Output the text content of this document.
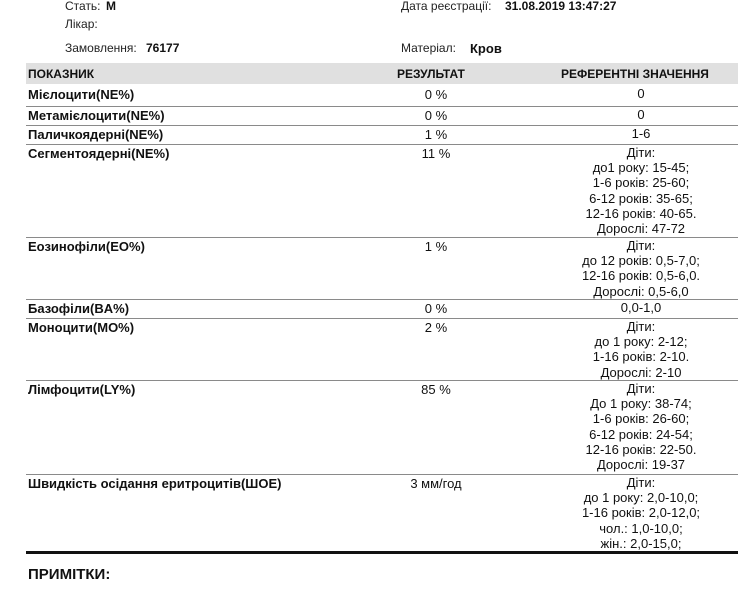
Стать: М
Лікар:
Замовлення: 76177
Дата реєстрації: 31.08.2019 13:47:27
Матеріал: Кров
ПОКАЗНИК	РЕЗУЛЬТАТ	РЕФЕРЕНТНІ ЗНАЧЕННЯ
Мієлоцити(NE%)	0 %	0
Метамієлоцити(NE%)	0 %	0
Паличкоядерні(NE%)	1 %	1-6
Сегментоядерні(NE%)	11 %	Діти:
до1 року: 15-45;
1-6 років: 25-60;
6-12 років: 35-65;
12-16 років: 40-65.
Дорослі: 47-72
Еозинофіли(EO%)	1 %	Діти:
до 12 років: 0,5-7,0;
12-16 років: 0,5-6,0.
Дорослі: 0,5-6,0
Базофіли(BA%)	0 %	0,0-1,0
Моноцити(MO%)	2 %	Діти:
до 1 року: 2-12;
1-16 років: 2-10.
Дорослі: 2-10
Лімфоцити(LY%)	85 %	Діти:
До 1 року: 38-74;
1-6 років: 26-60;
6-12 років: 24-54;
12-16 років: 22-50.
Дорослі: 19-37
Швидкість осідання еритроцитів(ШОЕ)	3 мм/год	Діти:
до 1 року: 2,0-10,0;
1-16 років: 2,0-12,0;
чол.: 1,0-10,0;
жін.: 2,0-15,0;
ПРИМІТКИ:
